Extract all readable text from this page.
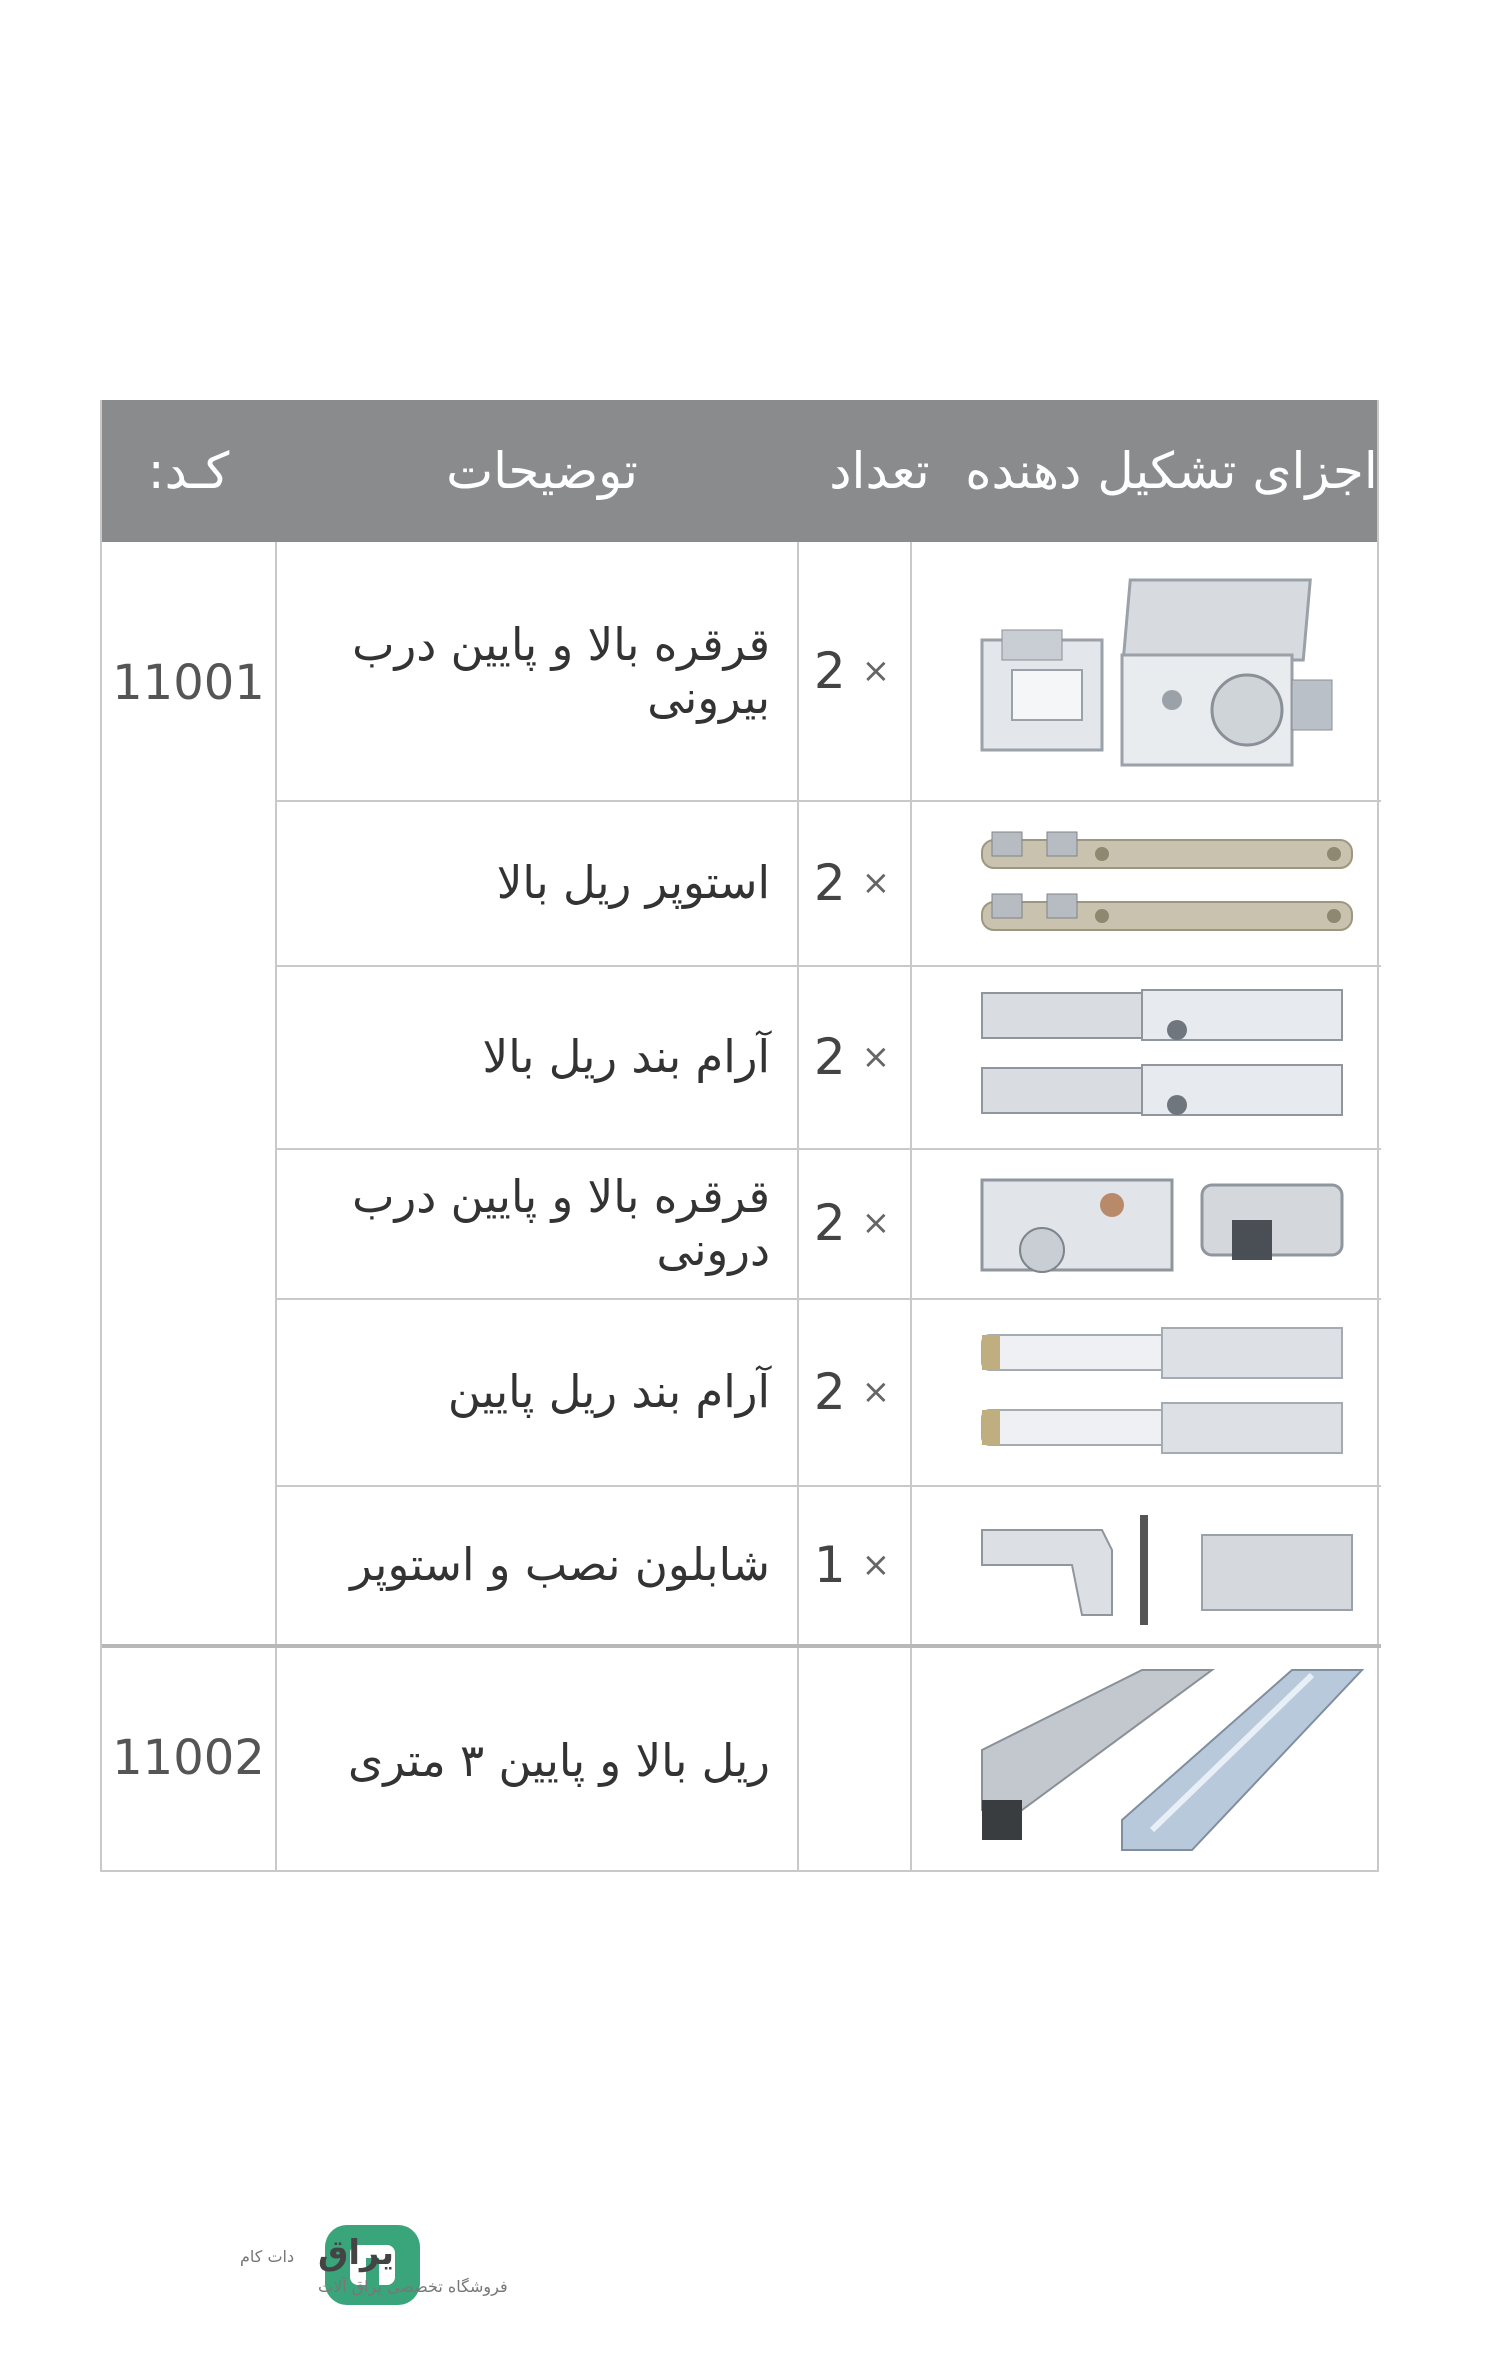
اجزای تشکیل دهنده
تعداد
توضیحات
کـد:
11001
11002
قرقره بالا و پایین درب بیرونی 2 ×
استوپر ریل بالا 2 ×
آرام بند ریل بالا 2 ×
قرقره بالا و پایین درب درونی 2 ×
آرام بند ریل پایین 2 ×
شابلون نصب و استوپر 1 ×
ریل بالا و پایین ۳ متری
یراق
دات کام
فروشگاه تخصصی یراق آلات
